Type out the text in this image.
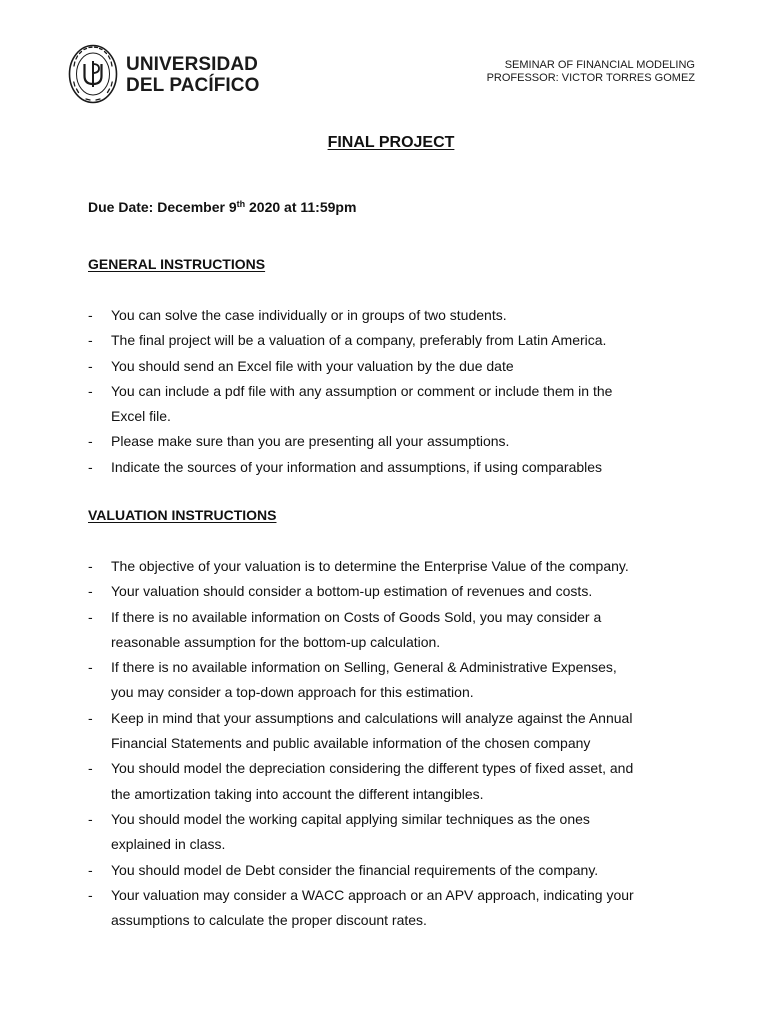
UNIVERSIDAD
DEL PACÍFICO
SEMINAR OF FINANCIAL MODELING
PROFESSOR: VICTOR TORRES GOMEZ
FINAL PROJECT
Due Date: December 9th 2020 at 11:59pm
GENERAL INSTRUCTIONS
- You can solve the case individually or in groups of two students.
- The final project will be a valuation of a company, preferably from Latin America.
- You should send an Excel file with your valuation by the due date
- You can include a pdf file with any assumption or comment or include them in the
Excel file.
- Please make sure than you are presenting all your assumptions.
- Indicate the sources of your information and assumptions, if using comparables
VALUATION INSTRUCTIONS
- The objective of your valuation is to determine the Enterprise Value of the company.
- Your valuation should consider a bottom-up estimation of revenues and costs.
- If there is no available information on Costs of Goods Sold, you may consider a
reasonable assumption for the bottom-up calculation.
- If there is no available information on Selling, General & Administrative Expenses,
you may consider a top-down approach for this estimation.
- Keep in mind that your assumptions and calculations will analyze against the Annual
Financial Statements and public available information of the chosen company
- You should model the depreciation considering the different types of fixed asset, and
the amortization taking into account the different intangibles.
- You should model the working capital applying similar techniques as the ones
explained in class.
- You should model de Debt consider the financial requirements of the company.
- Your valuation may consider a WACC approach or an APV approach, indicating your
assumptions to calculate the proper discount rates.
